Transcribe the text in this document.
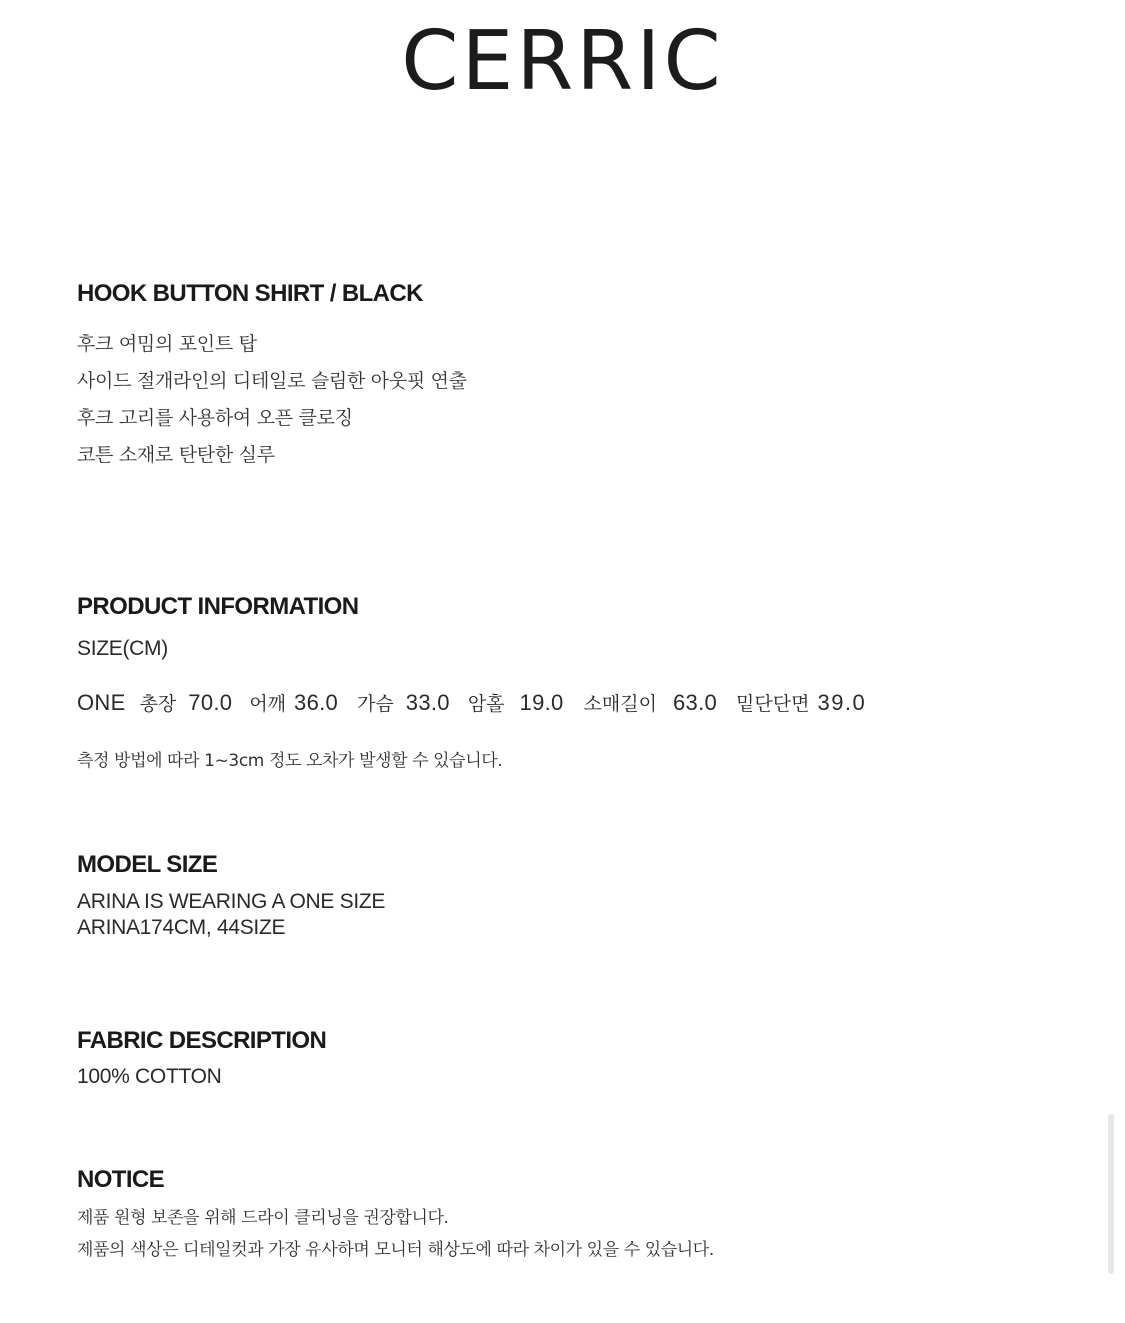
CERRIC
HOOK BUTTON SHIRT / BLACK
후크 여밈의 포인트 탑
사이드 절개라인의 디테일로 슬림한 아웃핏 연출
후크 고리를 사용하여 오픈 클로징
코튼 소재로 탄탄한 실루
PRODUCT INFORMATION
SIZE(CM)
ONE 총장 70.0 어깨 36.0 가슴 33.0 암홀 19.0 소매길이 63.0 밑단단면 39.0
측정 방법에 따라 1~3cm 정도 오차가 발생할 수 있습니다.
MODEL SIZE
ARINA IS WEARING A ONE SIZE
ARINA174CM, 44SIZE
FABRIC DESCRIPTION
100% COTTON
NOTICE
제품 원형 보존을 위해 드라이 클리닝을 권장합니다.
제품의 색상은 디테일컷과 가장 유사하며 모니터 해상도에 따라 차이가 있을 수 있습니다.
